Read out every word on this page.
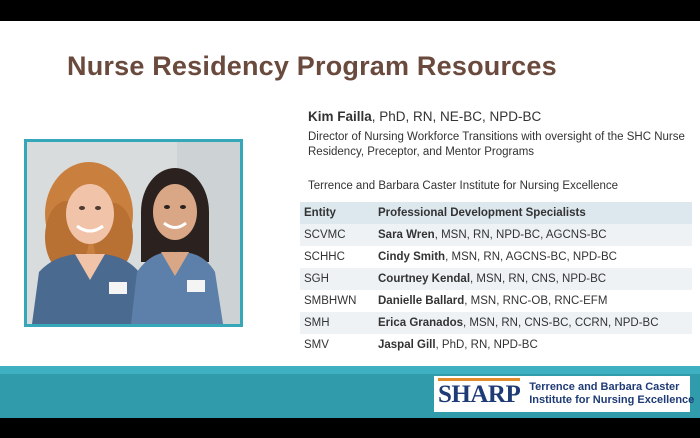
Nurse Residency Program Resources

Kim Failla, PhD, RN, NE-BC, NPD-BC

Director of Nursing Workforce Transitions with oversight of the SHC Nurse Residency, Preceptor, and Mentor Programs

Terrence and Barbara Caster Institute for Nursing Excellence

Entity	Professional Development Specialists
SCVMC	Sara Wren, MSN, RN, NPD-BC, AGCNS-BC
SCHHC	Cindy Smith, MSN, RN, AGCNS-BC, NPD-BC
SGH	Courtney Kendal, MSN, RN, CNS, NPD-BC
SMBHWN	Danielle Ballard, MSN, RNC-OB, RNC-EFM
SMH	Erica Granados, MSN, RN, CNS-BC, CCRN, NPD-BC
SMV	Jaspal Gill, PhD, RN, NPD-BC
SHARP Terrence and Barbara Caster
Institute for Nursing Excellence
